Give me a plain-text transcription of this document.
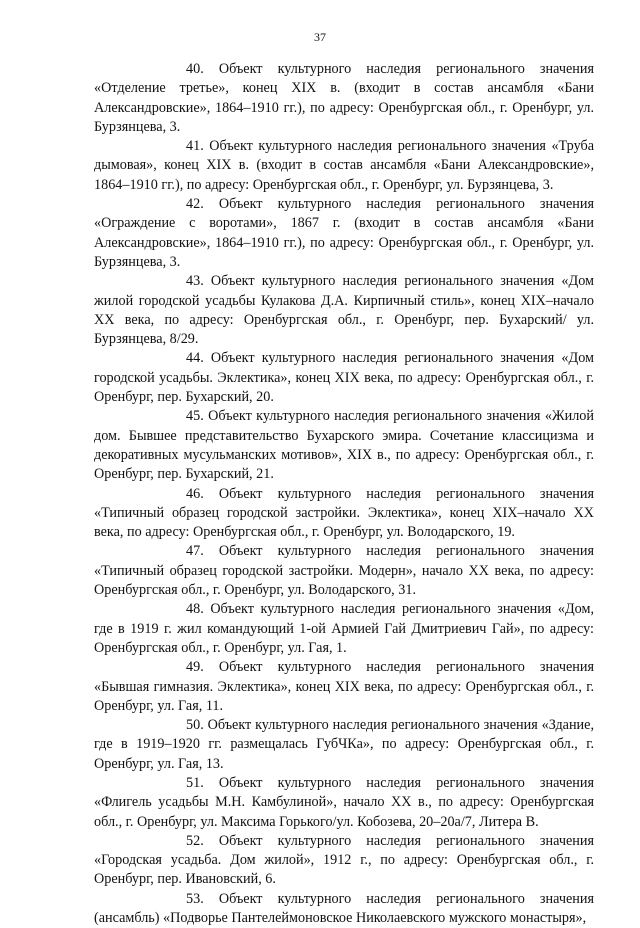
37

40. Объект культурного наследия регионального значения «Отделение третье», конец XIX в. (входит в состав ансамбля «Бани Александровские», 1864–1910 гг.), по адресу: Оренбургская обл., г. Оренбург, ул. Бурзянцева, 3.

41. Объект культурного наследия регионального значения «Труба дымовая», конец XIX в. (входит в состав ансамбля «Бани Александровские», 1864–1910 гг.), по адресу: Оренбургская обл., г. Оренбург, ул. Бурзянцева, 3.

42. Объект культурного наследия регионального значения «Ограждение с воротами», 1867 г. (входит в состав ансамбля «Бани Александровские», 1864–1910 гг.), по адресу: Оренбургская обл., г. Оренбург, ул. Бурзянцева, 3.

43. Объект культурного наследия регионального значения «Дом жилой городской усадьбы Кулакова Д.А. Кирпичный стиль», конец XIX–начало XX века, по адресу: Оренбургская обл., г. Оренбург, пер. Бухарский/ ул. Бурзянцева, 8/29.

44. Объект культурного наследия регионального значения «Дом городской усадьбы. Эклектика», конец XIX века, по адресу: Оренбургская обл., г. Оренбург, пер. Бухарский, 20.

45. Объект культурного наследия регионального значения «Жилой дом. Бывшее представительство Бухарского эмира. Сочетание классицизма и декоративных мусульманских мотивов», XIX в., по адресу: Оренбургская обл., г. Оренбург, пер. Бухарский, 21.

46. Объект культурного наследия регионального значения «Типичный образец городской застройки. Эклектика», конец XIX–начало XX века, по адресу: Оренбургская обл., г. Оренбург, ул. Володарского, 19.

47. Объект культурного наследия регионального значения «Типичный образец городской застройки. Модерн», начало XX века, по адресу: Оренбургская обл., г. Оренбург, ул. Володарского, 31.

48. Объект культурного наследия регионального значения «Дом, где в 1919 г. жил командующий 1-ой Армией Гай Дмитриевич Гай», по адресу: Оренбургская обл., г. Оренбург, ул. Гая, 1.

49. Объект культурного наследия регионального значения «Бывшая гимназия. Эклектика», конец XIX века, по адресу: Оренбургская обл., г. Оренбург, ул. Гая, 11.

50. Объект культурного наследия регионального значения «Здание, где в 1919–1920 гг. размещалась ГубЧКа», по адресу: Оренбургская обл., г. Оренбург, ул. Гая, 13.

51. Объект культурного наследия регионального значения «Флигель усадьбы М.Н. Камбулиной», начало XX в., по адресу: Оренбургская обл., г. Оренбург, ул. Максима Горького/ул. Кобозева, 20–20а/7, Литера В.

52. Объект культурного наследия регионального значения «Городская усадьба. Дом жилой», 1912 г., по адресу: Оренбургская обл., г. Оренбург, пер. Ивановский, 6.

53. Объект культурного наследия регионального значения (ансамбль) «Подворье Пантелеймоновское Николаевского мужского монастыря»,
